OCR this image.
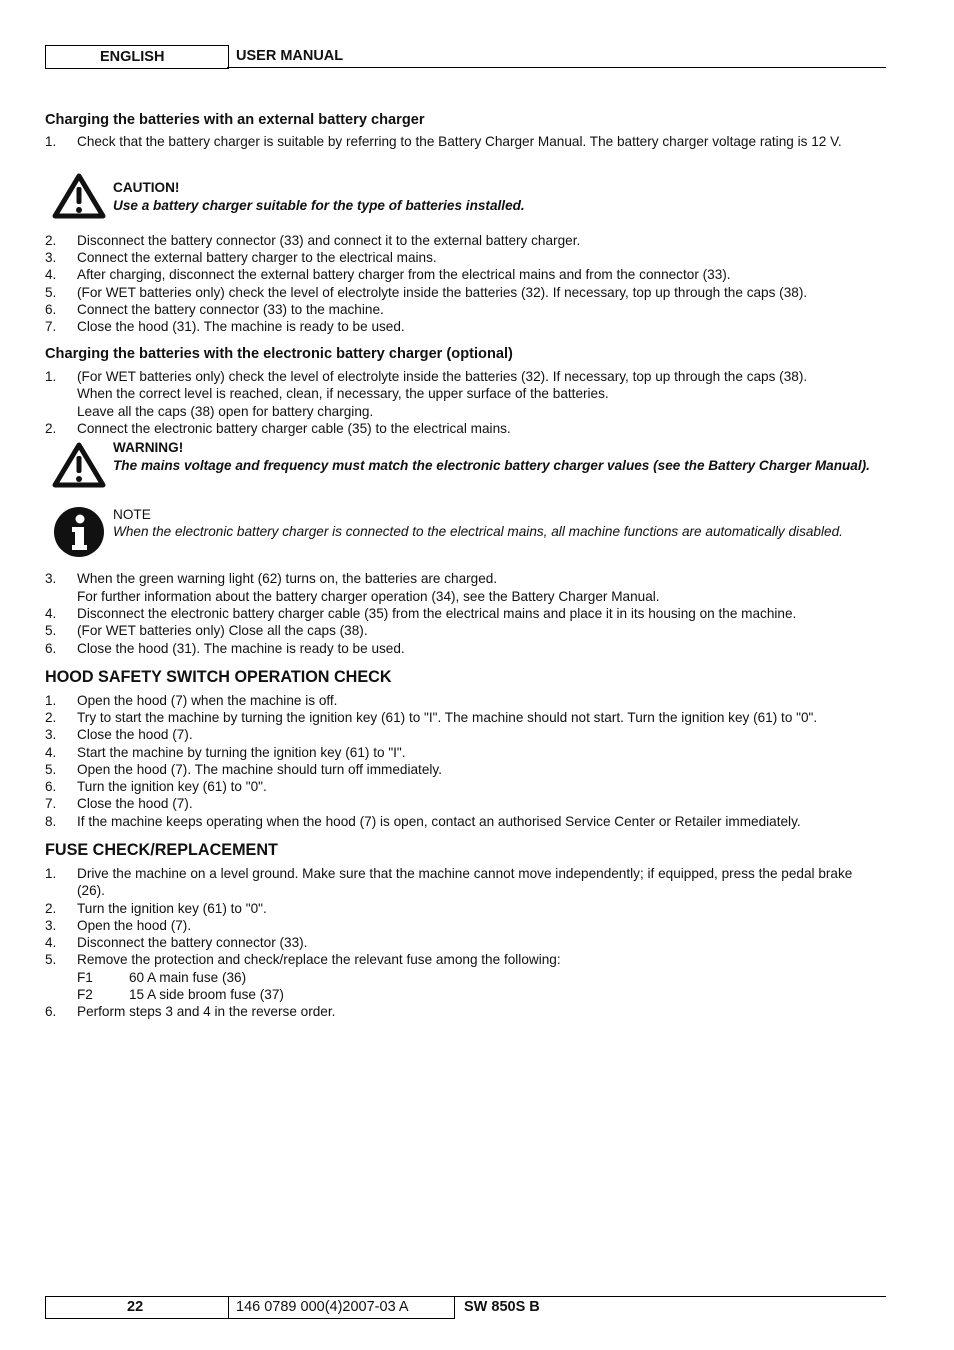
ENGLISH	USER MANUAL
Charging the batteries with an external battery charger
1. Check that the battery charger is suitable by referring to the Battery Charger Manual. The battery charger voltage rating is 12 V.
CAUTION!
Use a battery charger suitable for the type of batteries installed.
2. Disconnect the battery connector (33) and connect it to the external battery charger.
3. Connect the external battery charger to the electrical mains.
4. After charging, disconnect the external battery charger from the electrical mains and from the connector (33).
5. (For WET batteries only) check the level of electrolyte inside the batteries (32). If necessary, top up through the caps (38).
6. Connect the battery connector (33) to the machine.
7. Close the hood (31). The machine is ready to be used.
Charging the batteries with the electronic battery charger (optional)
1. (For WET batteries only) check the level of electrolyte inside the batteries (32). If necessary, top up through the caps (38).
When the correct level is reached, clean, if necessary, the upper surface of the batteries.
Leave all the caps (38) open for battery charging.
2. Connect the electronic battery charger cable (35) to the electrical mains.
WARNING!
The mains voltage and frequency must match the electronic battery charger values (see the Battery Charger Manual).
NOTE
When the electronic battery charger is connected to the electrical mains, all machine functions are automatically disabled.
3. When the green warning light (62) turns on, the batteries are charged.
For further information about the battery charger operation (34), see the Battery Charger Manual.
4. Disconnect the electronic battery charger cable (35) from the electrical mains and place it in its housing on the machine.
5. (For WET batteries only) Close all the caps (38).
6. Close the hood (31). The machine is ready to be used.
HOOD SAFETY SWITCH OPERATION CHECK
1. Open the hood (7) when the machine is off.
2. Try to start the machine by turning the ignition key (61) to "I". The machine should not start. Turn the ignition key (61) to "0".
3. Close the hood (7).
4. Start the machine by turning the ignition key (61) to "I".
5. Open the hood (7). The machine should turn off immediately.
6. Turn the ignition key (61) to "0".
7. Close the hood (7).
8. If the machine keeps operating when the hood (7) is open, contact an authorised Service Center or Retailer immediately.
FUSE CHECK/REPLACEMENT
1. Drive the machine on a level ground. Make sure that the machine cannot move independently; if equipped, press the pedal brake (26).
2. Turn the ignition key (61) to "0".
3. Open the hood (7).
4. Disconnect the battery connector (33).
5. Remove the protection and check/replace the relevant fuse among the following:
F1	60 A main fuse (36)
F2	15 A side broom fuse (37)
6. Perform steps 3 and 4 in the reverse order.
22	146 0789 000(4)2007-03 A	SW 850S B
